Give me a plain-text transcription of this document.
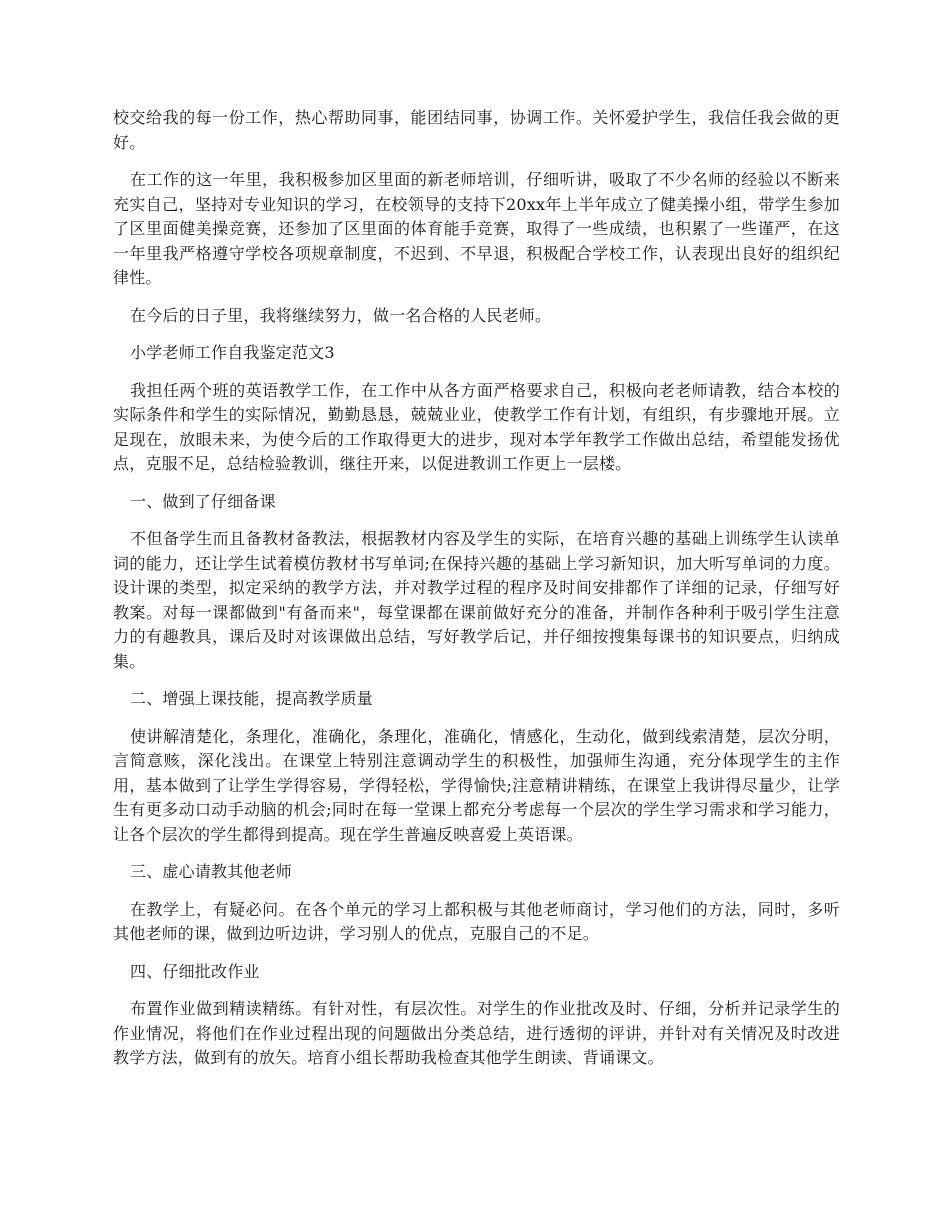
校交给我的每一份工作，热心帮助同事，能团结同事，协调工作。关怀爱护学生，我信任我会做的更好。

在工作的这一年里，我积极参加区里面的新老师培训，仔细听讲，吸取了不少名师的经验以不断来充实自己，坚持对专业知识的学习，在校领导的支持下20xx年上半年成立了健美操小组，带学生参加了区里面健美操竞赛，还参加了区里面的体育能手竞赛，取得了一些成绩，也积累了一些谨严，在这一年里我严格遵守学校各项规章制度，不迟到、不早退，积极配合学校工作，认表现出良好的组织纪律性。

在今后的日子里，我将继续努力，做一名合格的人民老师。

小学老师工作自我鉴定范文3

我担任两个班的英语教学工作，在工作中从各方面严格要求自己，积极向老老师请教，结合本校的实际条件和学生的实际情况，勤勤恳恳，兢兢业业，使教学工作有计划，有组织，有步骤地开展。立足现在，放眼未来，为使今后的工作取得更大的进步，现对本学年教学工作做出总结，希望能发扬优点，克服不足，总结检验教训，继往开来，以促进教训工作更上一层楼。

一、做到了仔细备课

不但备学生而且备教材备教法，根据教材内容及学生的实际，在培育兴趣的基础上训练学生认读单词的能力，还让学生试着模仿教材书写单词;在保持兴趣的基础上学习新知识，加大听写单词的力度。设计课的类型，拟定采纳的教学方法，并对教学过程的程序及时间安排都作了详细的记录，仔细写好教案。对每一课都做到"有备而来"，每堂课都在课前做好充分的准备，并制作各种利于吸引学生注意力的有趣教具，课后及时对该课做出总结，写好教学后记，并仔细按搜集每课书的知识要点，归纳成集。

二、增强上课技能，提高教学质量

使讲解清楚化，条理化，准确化，条理化，准确化，情感化，生动化，做到线索清楚，层次分明，言简意赅，深化浅出。在课堂上特别注意调动学生的积极性，加强师生沟通，充分体现学生的主作用，基本做到了让学生学得容易，学得轻松，学得愉快;注意精讲精练，在课堂上我讲得尽量少，让学生有更多动口动手动脑的机会;同时在每一堂课上都充分考虑每一个层次的学生学习需求和学习能力，让各个层次的学生都得到提高。现在学生普遍反映喜爱上英语课。

三、虚心请教其他老师

在教学上，有疑必问。在各个单元的学习上都积极与其他老师商讨，学习他们的方法，同时，多听其他老师的课，做到边听边讲，学习别人的优点，克服自己的不足。

四、仔细批改作业

布置作业做到精读精练。有针对性，有层次性。对学生的作业批改及时、仔细，分析并记录学生的作业情况，将他们在作业过程出现的问题做出分类总结，进行透彻的评讲，并针对有关情况及时改进教学方法，做到有的放矢。培育小组长帮助我检查其他学生朗读、背诵课文。
